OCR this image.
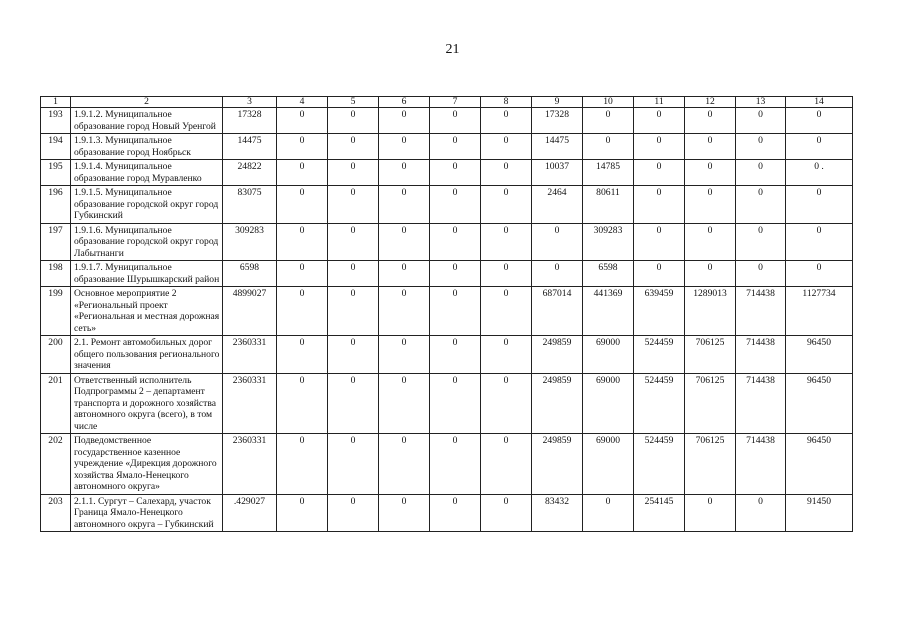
21
1	2	3	4	5	6	7	8	9	10	11	12	13	14
193	1.9.1.2. Муниципальное образование город Новый Уренгой	17328	0	0	0	0	0	17328	0	0	0	0	0
194	1.9.1.3. Муниципальное образование город Ноябрьск	14475	0	0	0	0	0	14475	0	0	0	0	0
195	1.9.1.4. Муниципальное образование город Муравленко	24822	0	0	0	0	0	10037	14785	0	0	0	0 .
196	1.9.1.5. Муниципальное образование городской округ город Губкинский	83075	0	0	0	0	0	2464	80611	0	0	0	0
197	1.9.1.6. Муниципальное образование городской округ город Лабытнанги	309283	0	0	0	0	0	0	309283	0	0	0	0
198	1.9.1.7. Муниципальное образование Шурышкарский район	6598	0	0	0	0	0	0	6598	0	0	0	0
199	Основное мероприятие 2 «Региональный проект «Региональная и местная дорожная сеть»	4899027	0	0	0	0	0	687014	441369	639459	1289013	714438	1127734
200	2.1. Ремонт автомобильных дорог общего пользования регионального значения	2360331	0	0	0	0	0	249859	69000	524459	706125	714438	96450
201	Ответственный исполнитель Подпрограммы 2 – департамент транспорта и дорожного хозяйства автономного округа (всего), в том числе	2360331	0	0	0	0	0	249859	69000	524459	706125	714438	96450
202	Подведомственное государственное казенное учреждение «Дирекция дорожного хозяйства Ямало-Ненецкого автономного округа»	2360331	0	0	0	0	0	249859	69000	524459	706125	714438	96450
203	2.1.1. Сургут – Салехард, участок Граница Ямало-Ненецкого автономного округа – Губкинский	.429027	0	0	0	0	0	83432	0	254145	0	0	91450
